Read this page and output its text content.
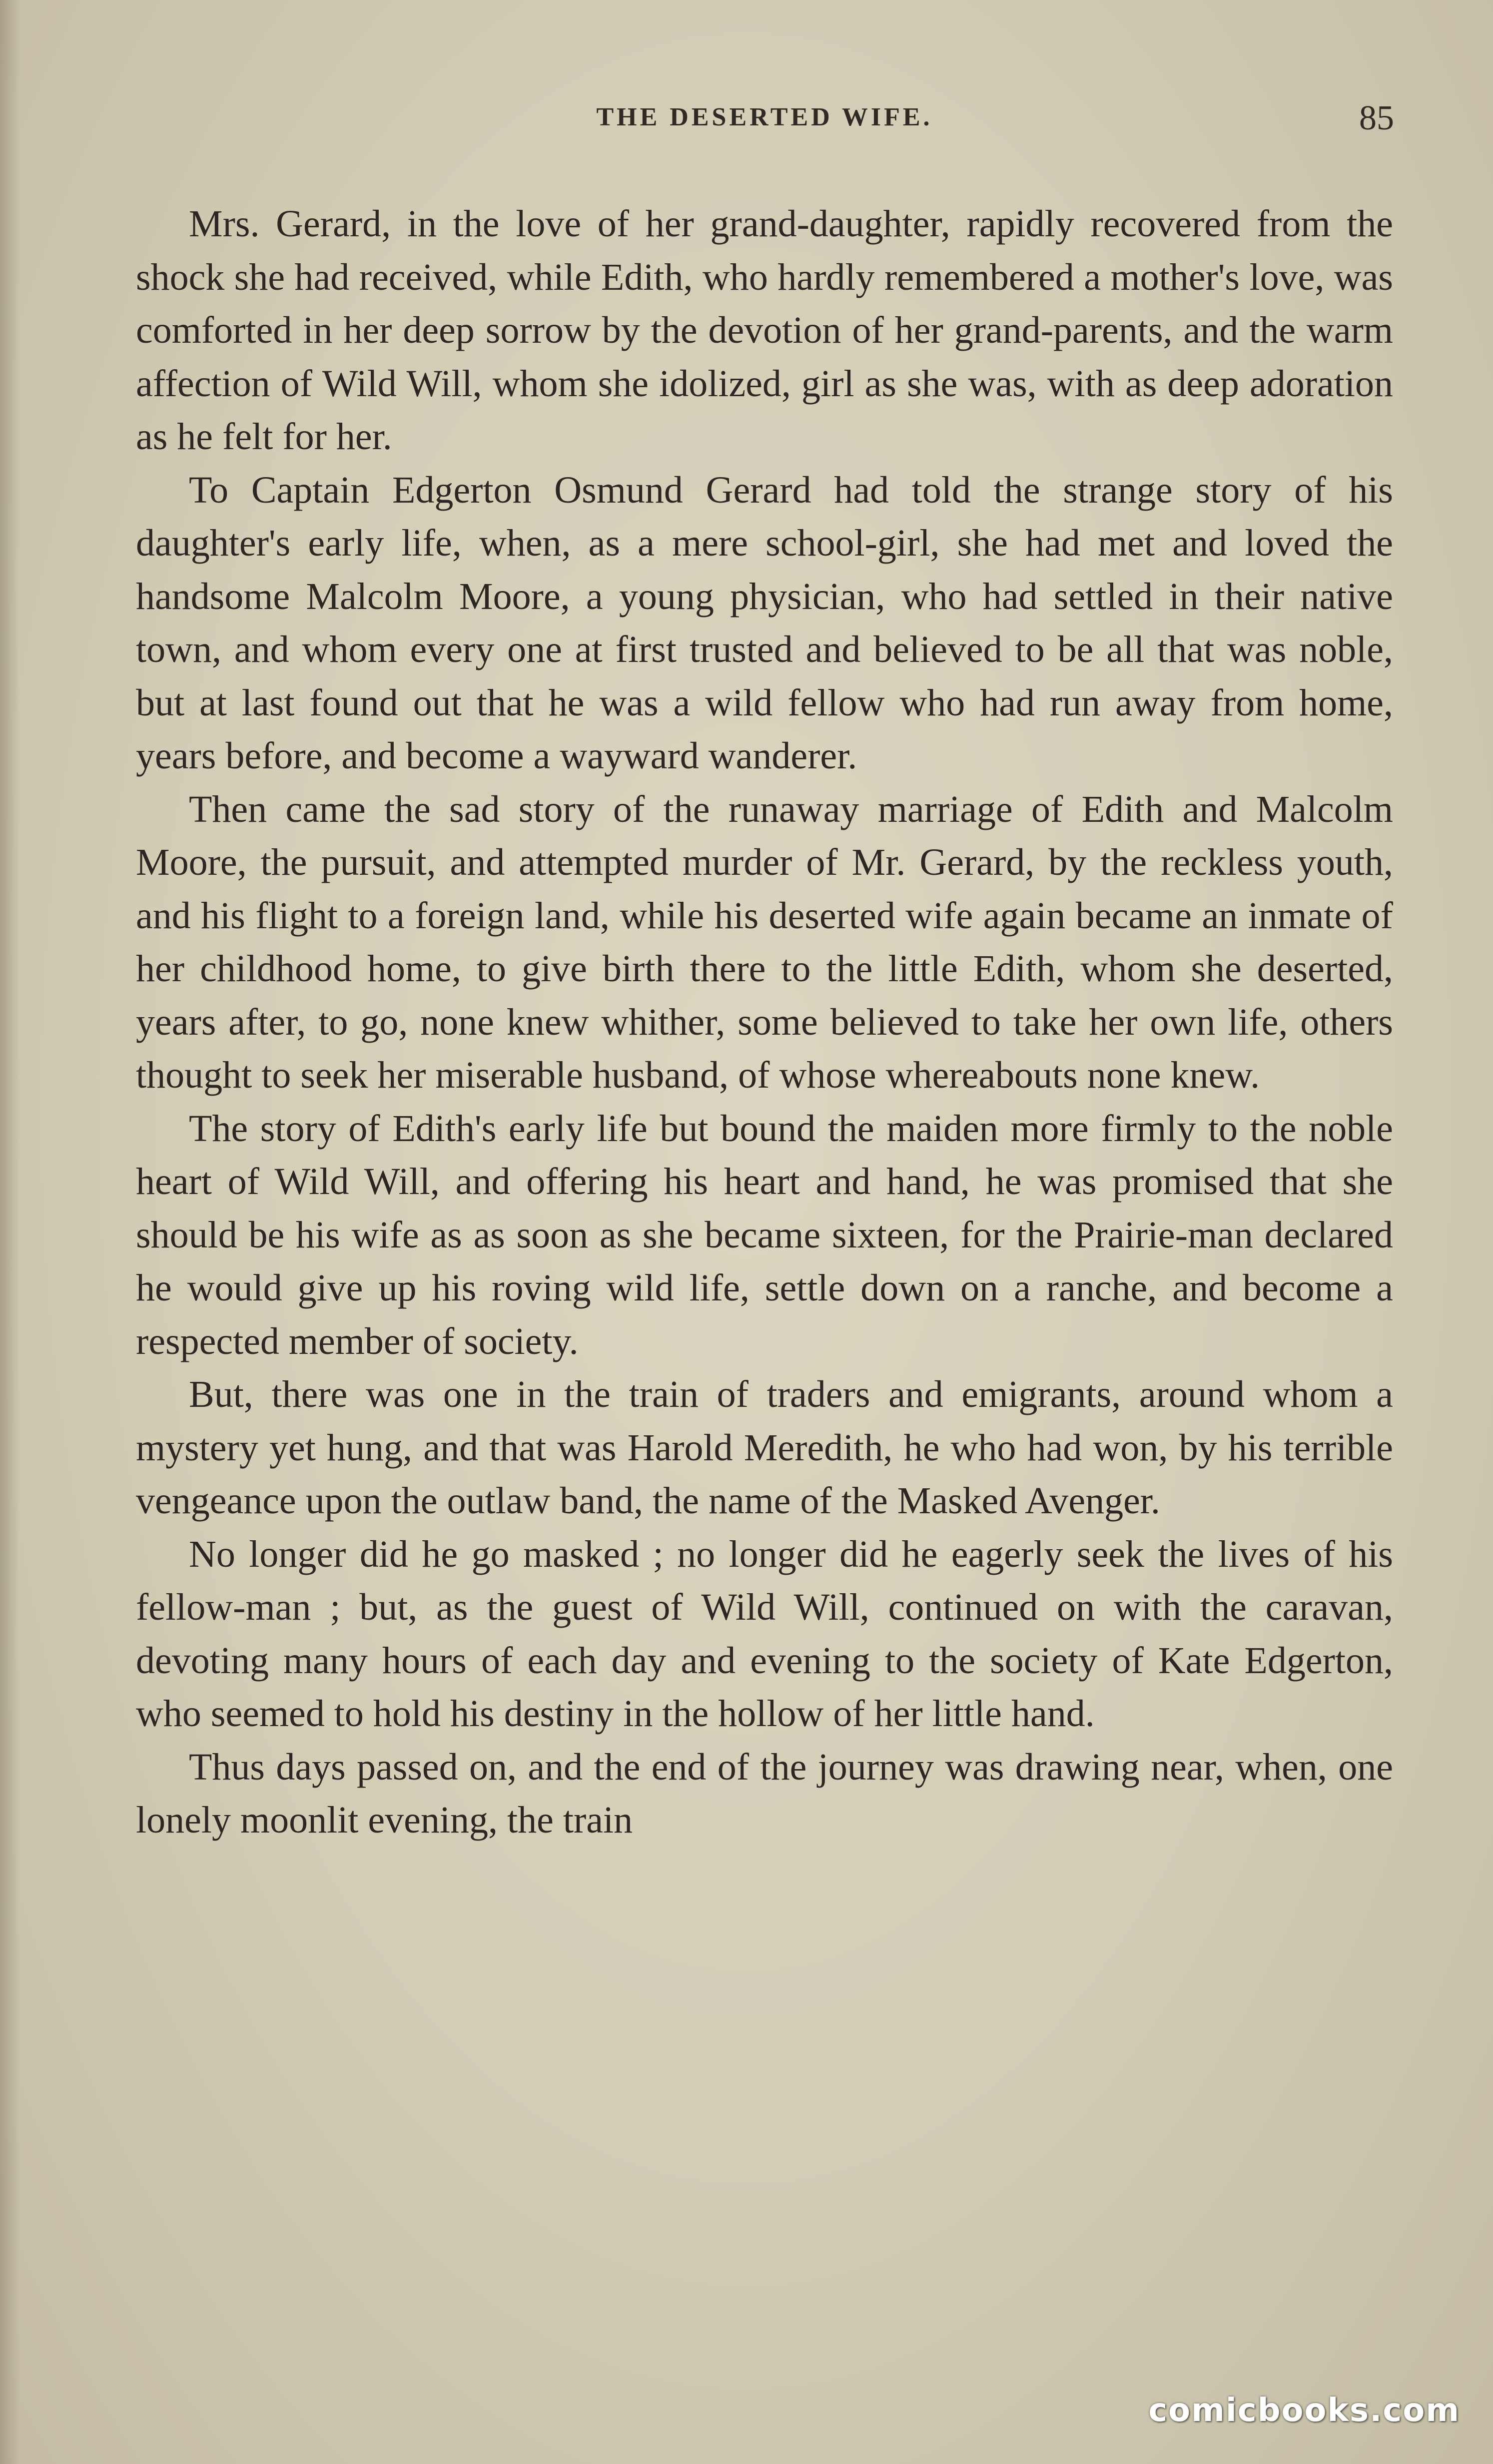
THE DESERTED WIFE.	85

Mrs. Gerard, in the love of her grand-daughter, rapidly recovered from the shock she had received, while Edith, who hardly remembered a mother's love, was comforted in her deep sorrow by the devotion of her grand-parents, and the warm affection of Wild Will, whom she idolized, girl as she was, with as deep adoration as he felt for her.

To Captain Edgerton Osmund Gerard had told the strange story of his daughter's early life, when, as a mere school-girl, she had met and loved the handsome Malcolm Moore, a young physician, who had settled in their native town, and whom every one at first trusted and believed to be all that was noble, but at last found out that he was a wild fellow who had run away from home, years before, and become a wayward wanderer.

Then came the sad story of the runaway marriage of Edith and Malcolm Moore, the pursuit, and attempted murder of Mr. Gerard, by the reckless youth, and his flight to a foreign land, while his deserted wife again became an inmate of her childhood home, to give birth there to the little Edith, whom she deserted, years after, to go, none knew whither, some believed to take her own life, others thought to seek her miserable husband, of whose whereabouts none knew.

The story of Edith's early life but bound the maiden more firmly to the noble heart of Wild Will, and offering his heart and hand, he was promised that she should be his wife as as soon as she became sixteen, for the Prairie-man declared he would give up his roving wild life, settle down on a ranche, and become a respected member of society.

But, there was one in the train of traders and emigrants, around whom a mystery yet hung, and that was Harold Meredith, he who had won, by his terrible vengeance upon the outlaw band, the name of the Masked Avenger.

No longer did he go masked ; no longer did he eagerly seek the lives of his fellow-man ; but, as the guest of Wild Will, continued on with the caravan, devoting many hours of each day and evening to the society of Kate Edgerton, who seemed to hold his destiny in the hollow of her little hand.

Thus days passed on, and the end of the journey was drawing near, when, one lonely moonlit evening, the train

comicbooks.com
